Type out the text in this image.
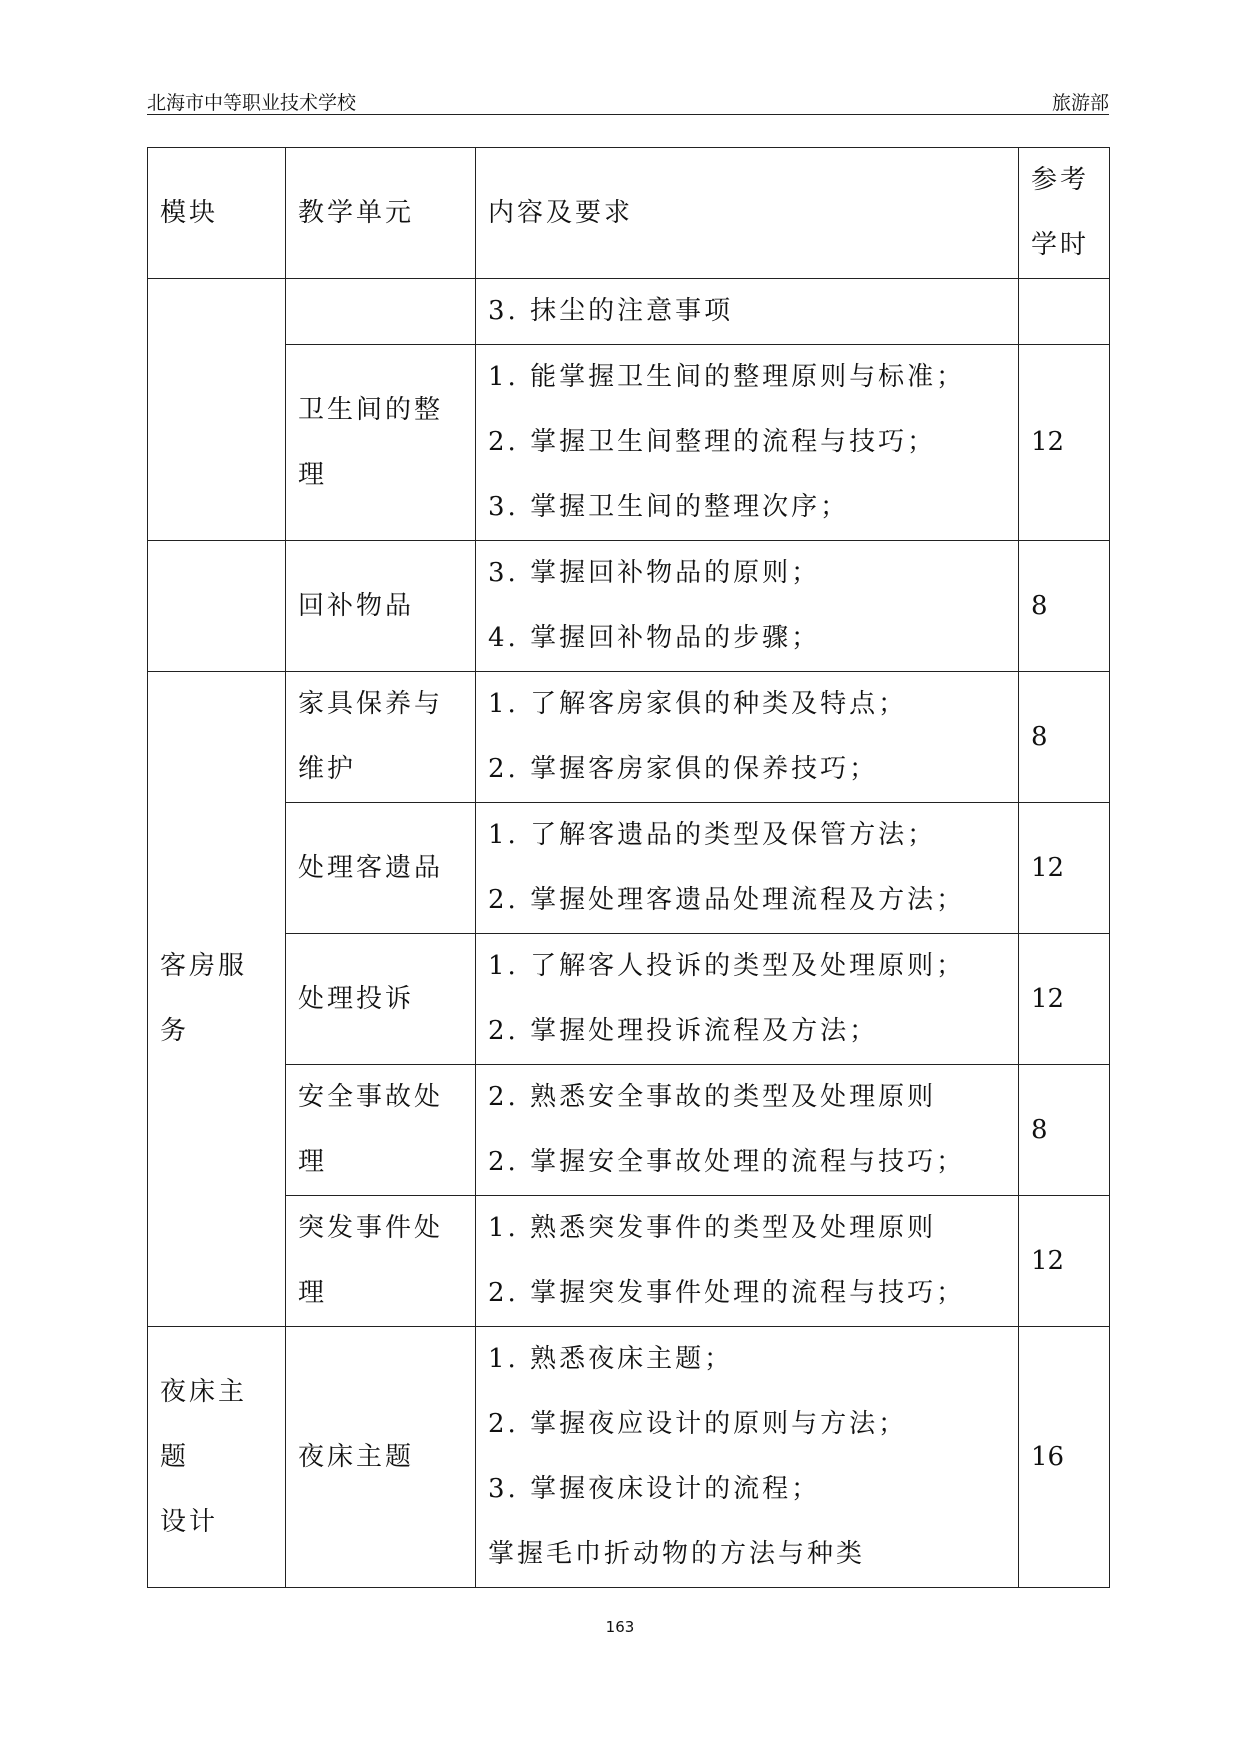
北海市中等职业技术学校	旅游部
模块	教学单元	内容及要求	参考
学时

		3. 抹尘的注意事项	

	卫生间的整
理	1. 能掌握卫生间的整理原则与标准；
2. 掌握卫生间整理的流程与技巧；
3. 掌握卫生间的整理次序；	12

	回补物品	3. 掌握回补物品的原则；
4. 掌握回补物品的步骤；	8
客房服务	家具保养与
维护	1. 了解客房家俱的种类及特点；
2. 掌握客房家俱的保养技巧；	8

	处理客遗品	1. 了解客遗品的类型及保管方法；
2. 掌握处理客遗品处理流程及方法；	12

	处理投诉	1. 了解客人投诉的类型及处理原则；
2. 掌握处理投诉流程及方法；	12

	安全事故处
理	2. 熟悉安全事故的类型及处理原则
2. 掌握安全事故处理的流程与技巧；	8

	突发事件处
理	1. 熟悉突发事件的类型及处理原则
2. 掌握突发事件处理的流程与技巧；	12

夜床主题
设计	夜床主题	1. 熟悉夜床主题；
2. 掌握夜应设计的原则与方法；
3. 掌握夜床设计的流程；
掌握毛巾折动物的方法与种类	16
163
